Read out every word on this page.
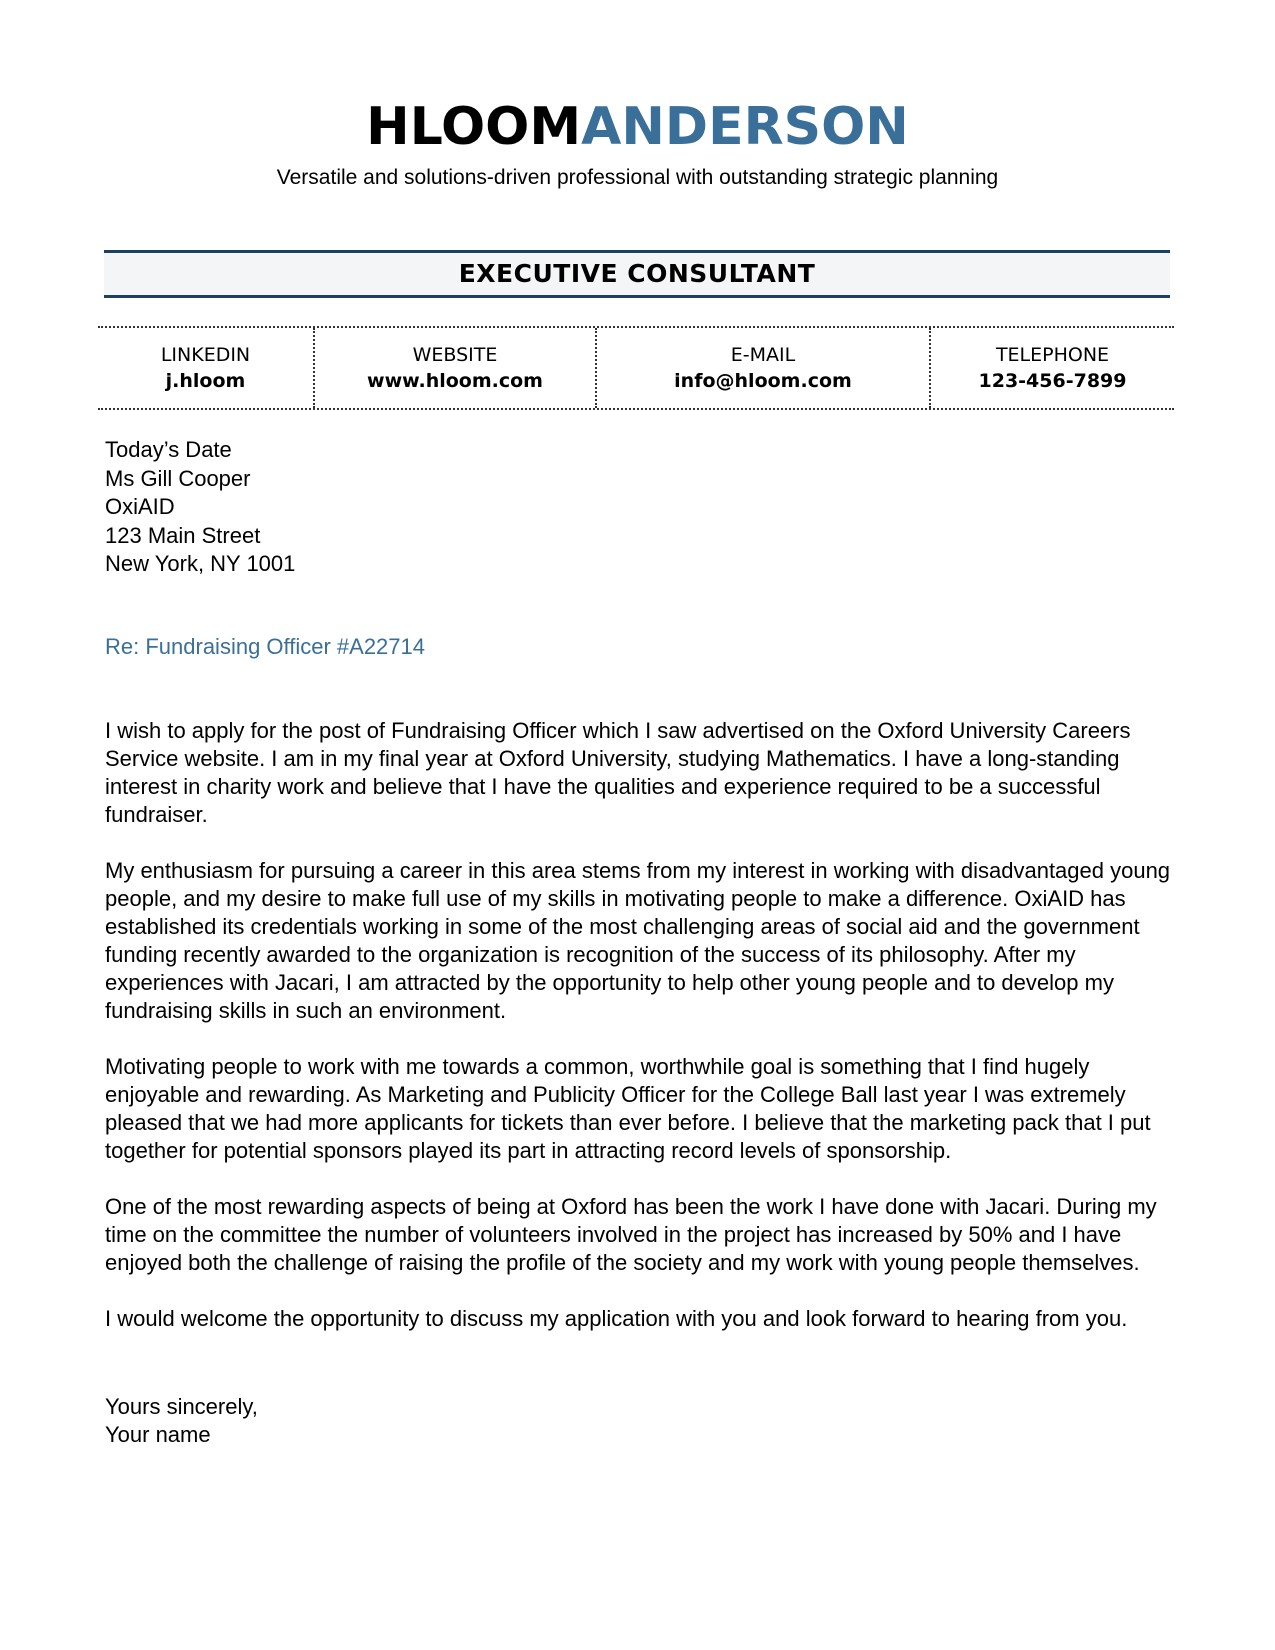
HLOOMANDERSON
Versatile and solutions-driven professional with outstanding strategic planning
EXECUTIVE CONSULTANT
LINKEDIN
j.hloom
WEBSITE
www.hloom.com
E-MAIL
info@hloom.com
TELEPHONE
123-456-7899
Today’s Date
Ms Gill Cooper
OxiAID
123 Main Street
New York, NY 1001
Re: Fundraising Officer #A22714

I wish to apply for the post of Fundraising Officer which I saw advertised on the Oxford University Careers Service website. I am in my final year at Oxford University, studying Mathematics. I have a long-standing interest in charity work and believe that I have the qualities and experience required to be a successful fundraiser.

My enthusiasm for pursuing a career in this area stems from my interest in working with disadvantaged young people, and my desire to make full use of my skills in motivating people to make a difference. OxiAID has established its credentials working in some of the most challenging areas of social aid and the government funding recently awarded to the organization is recognition of the success of its philosophy. After my experiences with Jacari, I am attracted by the opportunity to help other young people and to develop my fundraising skills in such an environment.

Motivating people to work with me towards a common, worthwhile goal is something that I find hugely enjoyable and rewarding. As Marketing and Publicity Officer for the College Ball last year I was extremely pleased that we had more applicants for tickets than ever before. I believe that the marketing pack that I put together for potential sponsors played its part in attracting record levels of sponsorship.

One of the most rewarding aspects of being at Oxford has been the work I have done with Jacari. During my time on the committee the number of volunteers involved in the project has increased by 50% and I have enjoyed both the challenge of raising the profile of the society and my work with young people themselves.

I would welcome the opportunity to discuss my application with you and look forward to hearing from you.

Yours sincerely,
Your name
